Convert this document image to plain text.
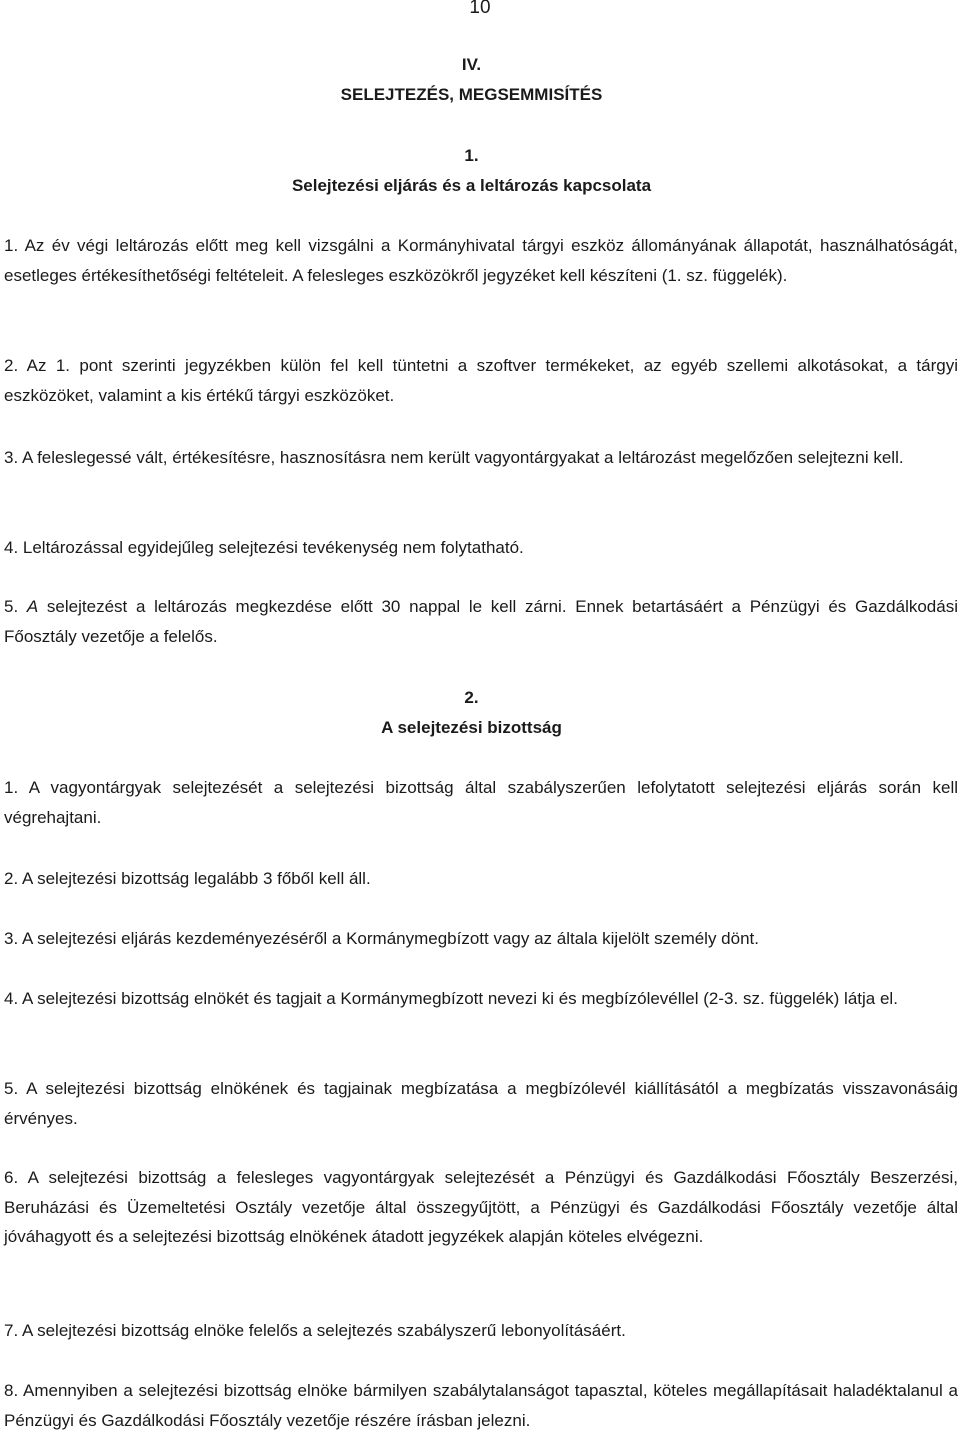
10
IV.
SELEJTEZÉS, MEGSEMMISÍTÉS
1.
Selejtezési eljárás és a leltározás kapcsolata

1. Az év végi leltározás előtt meg kell vizsgálni a Kormányhivatal tárgyi eszköz állományának állapotát, használhatóságát, esetleges értékesíthetőségi feltételeit. A felesleges eszközökről jegyzéket kell készíteni (1. sz. függelék).

2. Az 1. pont szerinti jegyzékben külön fel kell tüntetni a szoftver termékeket, az egyéb szellemi alkotásokat, a tárgyi eszközöket, valamint a kis értékű tárgyi eszközöket.

3. A feleslegessé vált, értékesítésre, hasznosításra nem került vagyontárgyakat a leltározást megelőzően selejtezni kell.

4. Leltározással egyidejűleg selejtezési tevékenység nem folytatható.

5. A selejtezést a leltározás megkezdése előtt 30 nappal le kell zárni. Ennek betartásáért a Pénzügyi és Gazdálkodási Főosztály vezetője a felelős.

2.
A selejtezési bizottság

1. A vagyontárgyak selejtezését a selejtezési bizottság által szabályszerűen lefolytatott selejtezési eljárás során kell végrehajtani.

2. A selejtezési bizottság legalább 3 főből kell áll.

3. A selejtezési eljárás kezdeményezéséről a Kormánymegbízott vagy az általa kijelölt személy dönt.

4. A selejtezési bizottság elnökét és tagjait a Kormánymegbízott nevezi ki és megbízólevéllel (2-3. sz. függelék) látja el.

5. A selejtezési bizottság elnökének és tagjainak megbízatása a megbízólevél kiállításától a megbízatás visszavonásáig érvényes.

6. A selejtezési bizottság a felesleges vagyontárgyak selejtezését a Pénzügyi és Gazdálkodási Főosztály Beszerzési, Beruházási és Üzemeltetési Osztály vezetője által összegyűjtött, a Pénzügyi és Gazdálkodási Főosztály vezetője által jóváhagyott és a selejtezési bizottság elnökének átadott jegyzékek alapján köteles elvégezni.

7. A selejtezési bizottság elnöke felelős a selejtezés szabályszerű lebonyolításáért.

8. Amennyiben a selejtezési bizottság elnöke bármilyen szabálytalanságot tapasztal, köteles megállapításait haladéktalanul a Pénzügyi és Gazdálkodási Főosztály vezetője részére írásban jelezni.
